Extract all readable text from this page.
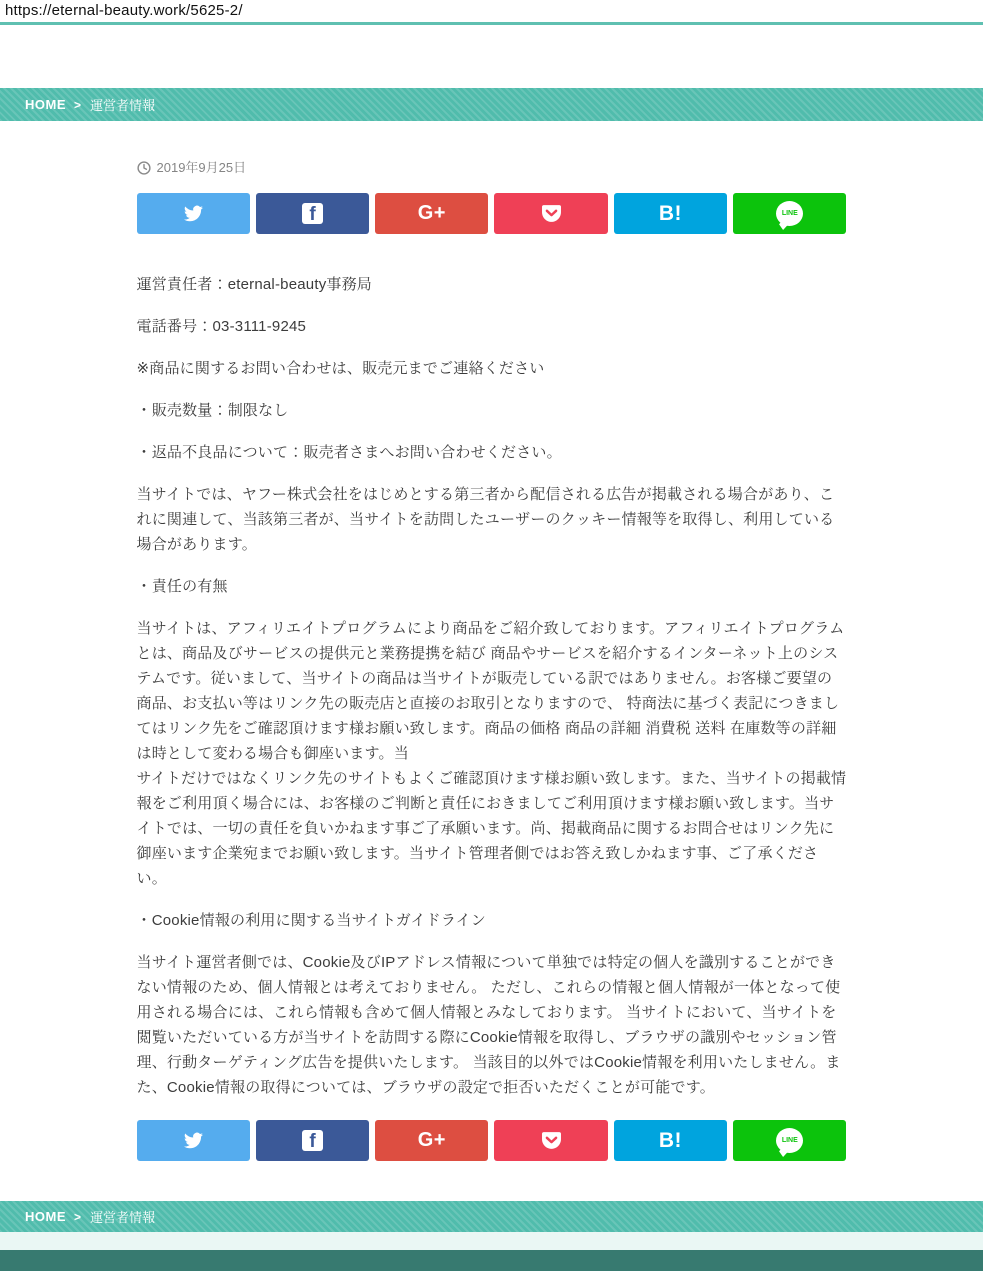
https://eternal-beauty.work/5625-2/
HOME > 運営者情報
2019年9月25日
f	G+	B!	LINE

運営責任者：eternal-beauty事務局

電話番号：03-3111-9245

※商品に関するお問い合わせは、販売元までご連絡ください

・販売数量：制限なし

・返品不良品について：販売者さまへお問い合わせください。

当サイトでは、ヤフー株式会社をはじめとする第三者から配信される広告が掲載される場合があり、これに関連して、当該第三者が、当サイトを訪問したユーザーのクッキー情報等を取得し、利用している場合があります。

・責任の有無

当サイトは、アフィリエイトプログラムにより商品をご紹介致しております。アフィリエイトプログラムとは、商品及びサービスの提供元と業務提携を結び 商品やサービスを紹介するインターネット上のシステムです。従いまして、当サイトの商品は当サイトが販売している訳ではありません。お客様ご要望の商品、お支払い等はリンク先の販売店と直接のお取引となりますので、 特商法に基づく表記につきましてはリンク先をご確認頂けます様お願い致します。商品の価格 商品の詳細 消費税 送料 在庫数等の詳細は時として変わる場合も御座います。当

サイトだけではなくリンク先のサイトもよくご確認頂けます様お願い致します。また、当サイトの掲載情報をご利用頂く場合には、お客様のご判断と責任におきましてご利用頂けます様お願い致します。当サイトでは、一切の責任を負いかねます事ご了承願います。尚、掲載商品に関するお問合せはリンク先に御座います企業宛までお願い致します。当サイト管理者側ではお答え致しかねます事、ご了承ください。

・Cookie情報の利用に関する当サイトガイドライン

当サイト運営者側では、Cookie及びIPアドレス情報について単独では特定の個人を識別することができない情報のため、個人情報とは考えておりません。 ただし、これらの情報と個人情報が一体となって使用される場合には、これら情報も含めて個人情報とみなしております。 当サイトにおいて、当サイトを閲覧いただいている方が当サイトを訪問する際にCookie情報を取得し、ブラウザの識別やセッション管理、行動ターゲティング広告を提供いたします。 当該目的以外ではCookie情報を利用いたしません。また、Cookie情報の取得については、ブラウザの設定で拒否いただくことが可能です。

f	G+	B!	LINE
HOME > 運営者情報
